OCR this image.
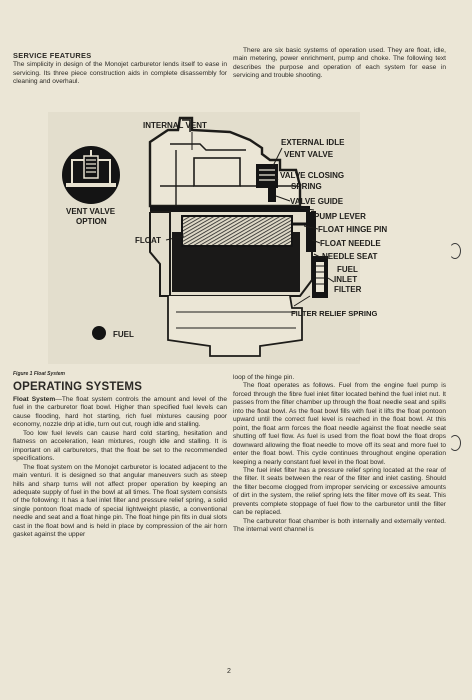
SERVICE FEATURES

The simplicity in design of the Monojet carburetor lends itself to ease in servicing. Its three piece construction aids in complete disassembly for cleaning and overhaul.

There are six basic systems of operation used. They are float, idle, main metering, power enrichment, pump and choke. The following text describes the purpose and operation of each system for ease in servicing and trouble shooting.

INTERNAL VENT
EXTERNAL IDLE
VENT VALVE
VALVE CLOSING
SPRING
VALVE GUIDE
PUMP LEVER
FLOAT HINGE PIN
FLOAT NEEDLE
NEEDLE SEAT
FUEL
INLET
FILTER
FILTER RELIEF SPRING
FLOAT
VENT VALVE
OPTION
FUEL
Figure 1 Float System
OPERATING SYSTEMS

Float System—The float system controls the amount and level of the fuel in the carburetor float bowl. Higher than specified fuel levels can cause flooding, hard hot starting, rich fuel mixtures causing poor economy, nozzle drip at idle, turn out cut, rough idle and stalling.

Too low fuel levels can cause hard cold starting, hesitation and flatness on acceleration, lean mixtures, rough idle and stalling. It is important on all carburetors, that the float be set to the recommended specifications.

The float system on the Monojet carburetor is located adjacent to the main venturi. It is designed so that angular maneuvers such as steep hills and sharp turns will not affect proper operation by keeping an adequate supply of fuel in the bowl at all times. The float system consists of the following: It has a fuel inlet filter and pressure relief spring, a solid single pontoon float made of special lightweight plastic, a conventional needle and seat and a float hinge pin. The float hinge pin fits in dual slots cast in the float bowl and is held in place by compression of the air horn gasket against the upper

loop of the hinge pin.

The float operates as follows. Fuel from the engine fuel pump is forced through the fibre fuel inlet filter located behind the fuel inlet nut. It passes from the filter chamber up through the float needle seat and spills into the float bowl. As the float bowl fills with fuel it lifts the float pontoon upward until the correct fuel level is reached in the float bowl. At this point, the float arm forces the float needle against the float needle seat shutting off fuel flow. As fuel is used from the float bowl the float drops downward allowing the float needle to move off its seat and more fuel to enter the float bowl. This cycle continues throughout engine operation keeping a nearly constant fuel level in the float bowl.

The fuel inlet filter has a pressure relief spring located at the rear of the filter. It seats between the rear of the filter and inlet casting. Should the filter become clogged from improper servicing or excessive amounts of dirt in the system, the relief spring lets the filter move off its seat. This prevents complete stoppage of fuel flow to the carburetor until the filter can be replaced.

The carburetor float chamber is both internally and externally vented. The internal vent channel is

2
